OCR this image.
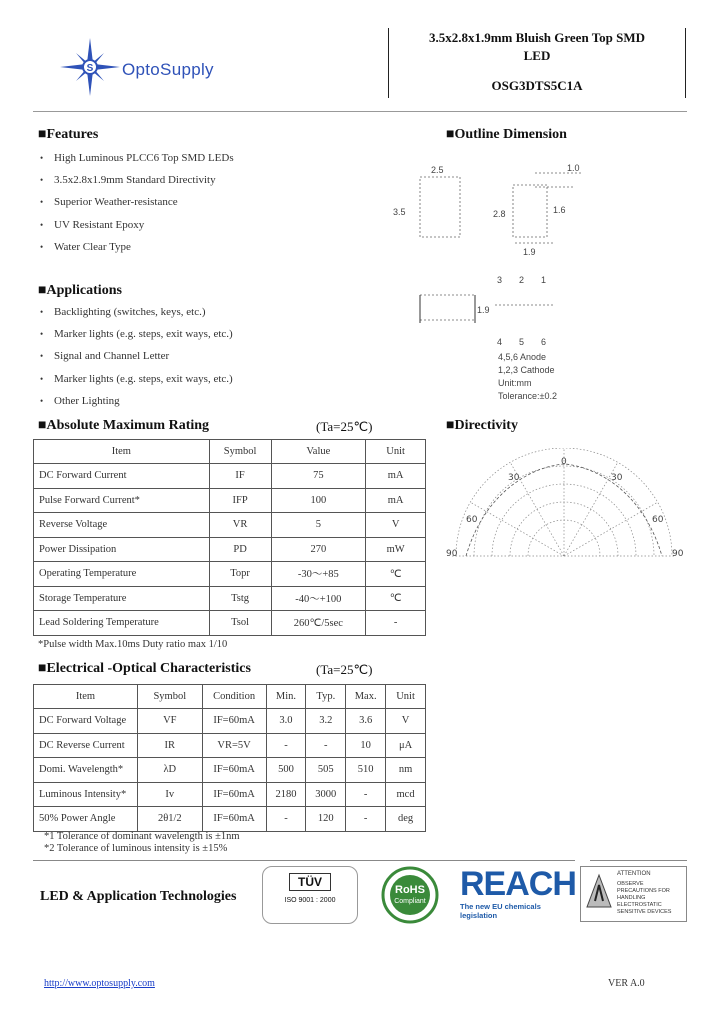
S OptoSupply
3.5x2.8x1.9mm Bluish Green Top SMD
LED
OSG3DTS5C1A
■Features
• High Luminous PLCC6 Top SMD LEDs
• 3.5x2.8x1.9mm Standard Directivity
• Superior Weather-resistance
• UV Resistant Epoxy
• Water Clear Type
■Applications
• Backlighting (switches, keys, etc.)
• Marker lights (e.g. steps, exit ways, etc.)
• Signal and Channel Letter
• Marker lights (e.g. steps, exit ways, etc.)
• Other Lighting
■Outline Dimension
2.5
3.5	2.8
1.9
1.9
1.0
1.6
3 2 1
4 5 6
4,5,6 Anode
1,2,3 Cathode
Unit:mm
Tolerance:±0.2
■Absolute Maximum Rating	(Ta=25℃)
Item	Symbol	Value	Unit
DC Forward Current	IF	75	mA
Pulse Forward Current*	IFP	100	mA
Reverse Voltage	VR	5	V
Power Dissipation	PD	270	mW
Operating Temperature	Topr	-30～+85	℃
Storage Temperature	Tstg	-40～+100	℃
Lead Soldering Temperature	Tsol	260℃/5sec	-
*Pulse width Max.10ms Duty ratio max 1/10
■Directivity
0
30
60
90
30
60
90
■Electrical -Optical Characteristics	(Ta=25℃)
Item	Symbol	Condition	Min.	Typ.	Max.	Unit
DC Forward Voltage	VF	IF=60mA	3.0	3.2	3.6	V
DC Reverse Current	IR	VR=5V	-	-	10	μA
Domi. Wavelength*	λD	IF=60mA	500	505	510	nm
Luminous Intensity*	Iv	IF=60mA	2180	3000	-	mcd
50% Power Angle	2θ1/2	IF=60mA	-	120	-	deg
*1 Tolerance of dominant wavelength is ±1nm
*2 Tolerance of luminous intensity is ±15%
LED & Application Technologies
TÜV
ISO 9001 : 2000
RoHS
Compliant	REACH
The new EU chemicals legislation
ATTENTION
OBSERVE PRECAUTIONS FOR HANDLING ELECTROSTATIC SENSITIVE DEVICES
http://www.optosupply.com	VER A.0
